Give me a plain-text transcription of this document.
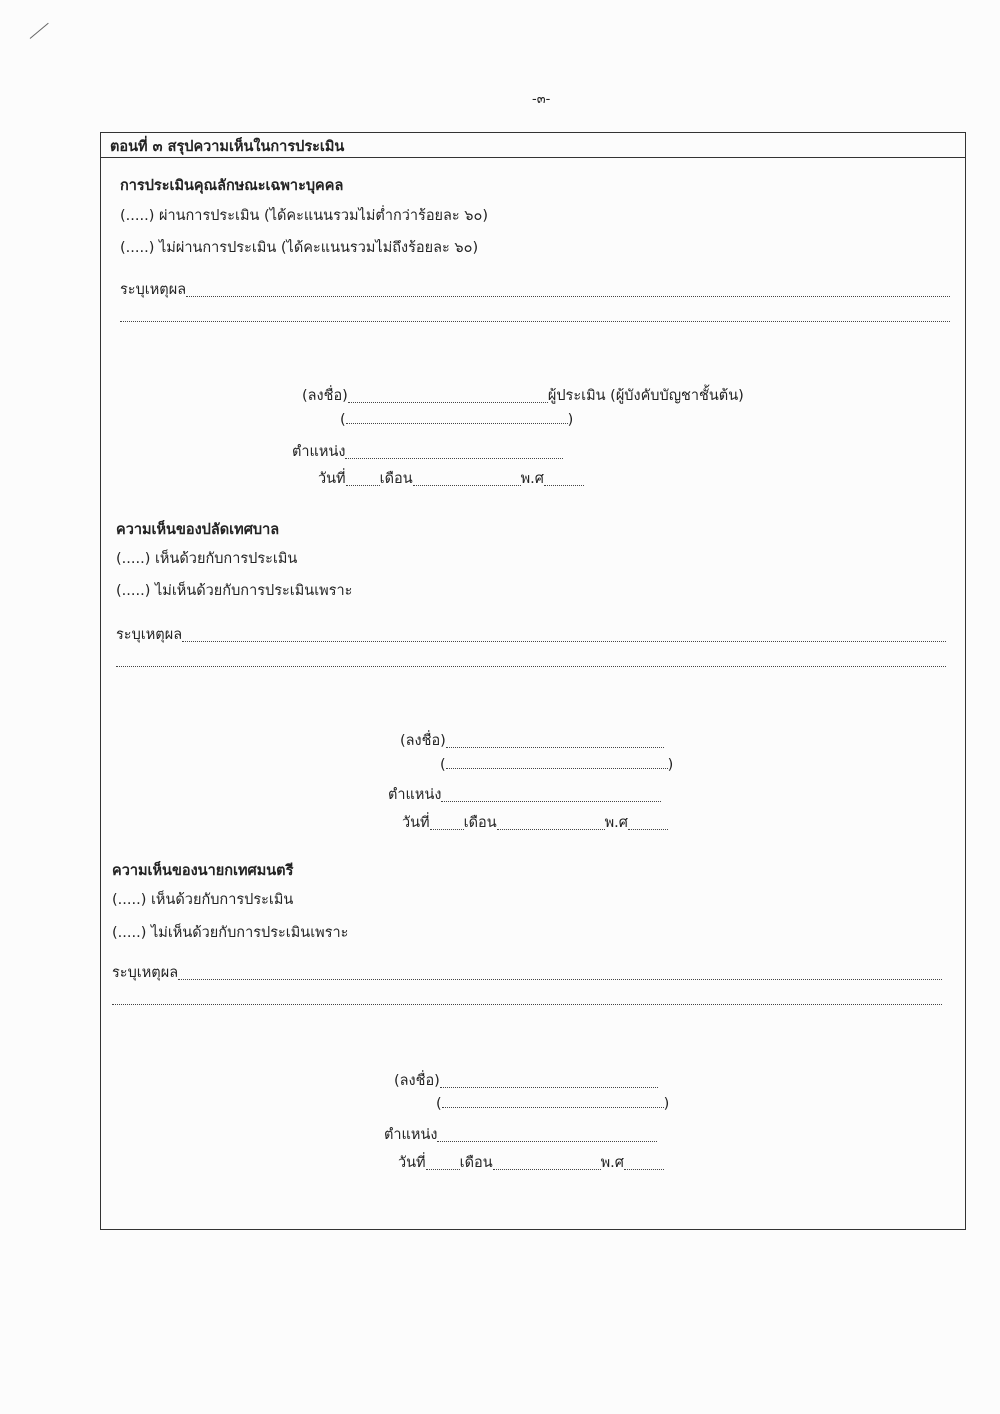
-๓-
ตอนที่ ๓ สรุปความเห็นในการประเมิน
การประเมินคุณลักษณะเฉพาะบุคคล
(.....) ผ่านการประเมิน (ได้คะแนนรวมไม่ต่ำกว่าร้อยละ ๖๐)
(.....) ไม่ผ่านการประเมิน (ได้คะแนนรวมไม่ถึงร้อยละ ๖๐)
ระบุเหตุผล
(ลงชื่อ)	ผู้ประเมิน (ผู้บังคับบัญชาชั้นต้น)
(	)
ตำแหน่ง
วันที่ เดือน	พ.ศ
ความเห็นของปลัดเทศบาล
(.....) เห็นด้วยกับการประเมิน
(.....) ไม่เห็นด้วยกับการประเมินเพราะ
ระบุเหตุผล
(ลงชื่อ)
(	)
ตำแหน่ง
วันที่ เดือน	พ.ศ
ความเห็นของนายกเทศมนตรี
(.....) เห็นด้วยกับการประเมิน
(.....) ไม่เห็นด้วยกับการประเมินเพราะ
ระบุเหตุผล
(ลงชื่อ)
(	)
ตำแหน่ง
วันที่ เดือน	พ.ศ
